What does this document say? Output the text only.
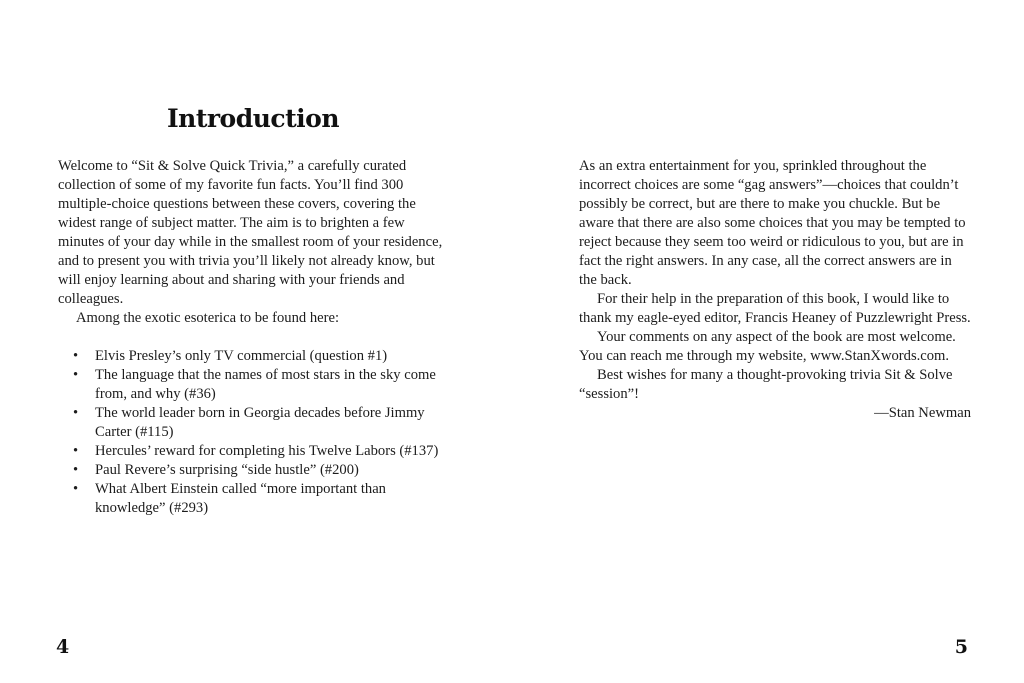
Introduction

Welcome to “Sit & Solve Quick Trivia,” a carefully curated collection of some of my favorite fun facts. You’ll find 300 multiple-choice questions between these covers, covering the widest range of subject matter. The aim is to brighten a few minutes of your day while in the smallest room of your residence, and to present you with trivia you’ll likely not already know, but will enjoy learning about and sharing with your friends and colleagues.

Among the exotic esoterica to be found here:

• Elvis Presley’s only TV commercial (question #1)
• The language that the names of most stars in the sky come from, and why (#36)
• The world leader born in Georgia decades before Jimmy Carter (#115)
• Hercules’ reward for completing his Twelve Labors (#137)
• Paul Revere’s surprising “side hustle” (#200)
• What Albert Einstein called “more important than knowledge” (#293)
4

As an extra entertainment for you, sprinkled throughout the incorrect choices are some “gag answers”—choices that couldn’t possibly be correct, but are there to make you chuckle. But be aware that there are also some choices that you may be tempted to reject because they seem too weird or ridiculous to you, but are in fact the right answers. In any case, all the correct answers are in the back.

For their help in the preparation of this book, I would like to thank my eagle-eyed editor, Francis Heaney of Puzzlewright Press.

Your comments on any aspect of the book are most welcome. You can reach me through my website, www.StanXwords.com.

Best wishes for many a thought-provoking trivia Sit & Solve “session”!

—Stan Newman

5
